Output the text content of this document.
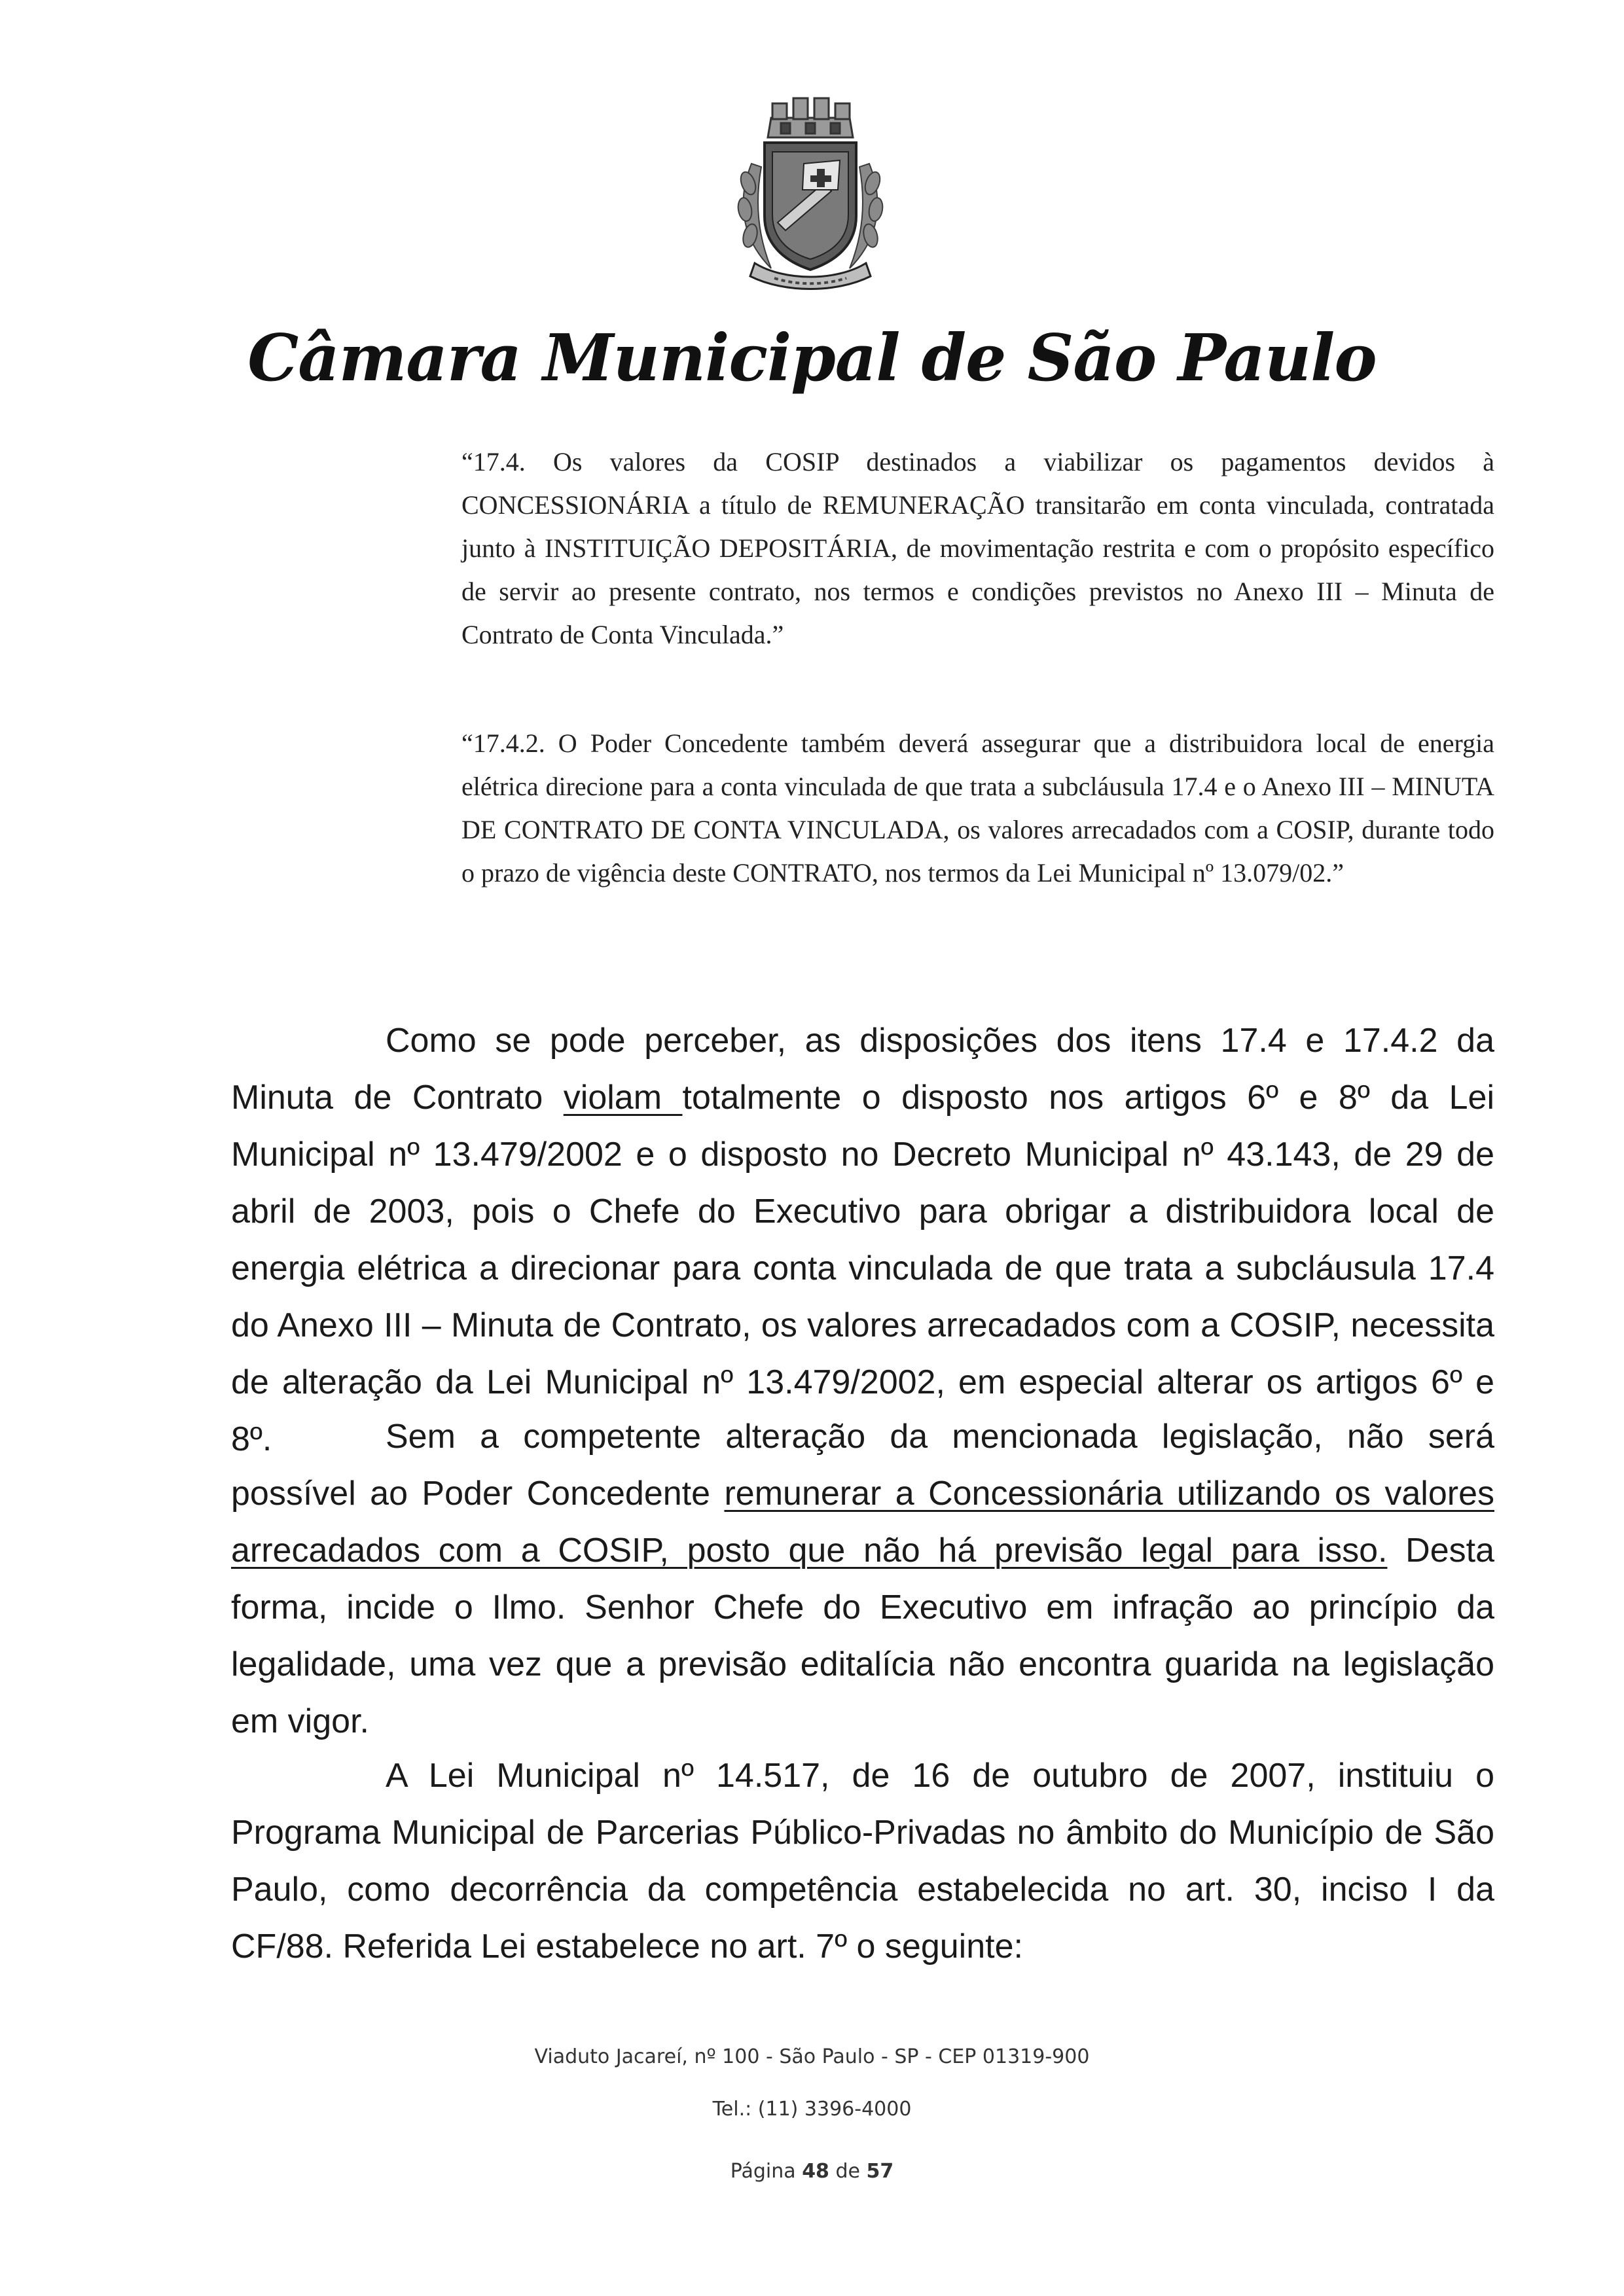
Câmara Municipal de São Paulo
“17.4. Os valores da COSIP destinados a viabilizar os pagamentos devidos à CONCESSIONÁRIA a título de REMUNERAÇÃO transitarão em conta vinculada, contratada junto à INSTITUIÇÃO DEPOSITÁRIA, de movimentação restrita e com o propósito específico de servir ao presente contrato, nos termos e condições previstos no Anexo III – Minuta de Contrato de Conta Vinculada.”
“17.4.2. O Poder Concedente também deverá assegurar que a distribuidora local de energia elétrica direcione para a conta vinculada de que trata a subcláusula 17.4 e o Anexo III – MINUTA DE CONTRATO DE CONTA VINCULADA, os valores arrecadados com a COSIP, durante todo o prazo de vigência deste CONTRATO, nos termos da Lei Municipal nº 13.079/02.”
Como se pode perceber, as disposições dos itens 17.4 e 17.4.2 da Minuta de Contrato violam totalmente o disposto nos artigos 6º e 8º da Lei Municipal nº 13.479/2002 e o disposto no Decreto Municipal nº 43.143, de 29 de abril de 2003, pois o Chefe do Executivo para obrigar a distribuidora local de energia elétrica a direcionar para conta vinculada de que trata a subcláusula 17.4 do Anexo III – Minuta de Contrato, os valores arrecadados com a COSIP, necessita de alteração da Lei Municipal nº 13.479/2002, em especial alterar os artigos 6º e 8º.	Sem a competente alteração da mencionada legislação, não será possível ao Poder Concedente remunerar a Concessionária utilizando os valores arrecadados com a COSIP, posto que não há previsão legal para isso. Desta forma, incide o Ilmo. Senhor Chefe do Executivo em infração ao princípio da legalidade, uma vez que a previsão editalícia não encontra guarida na legislação em vigor.
A Lei Municipal nº 14.517, de 16 de outubro de 2007, instituiu o Programa Municipal de Parcerias Público-Privadas no âmbito do Município de São Paulo, como decorrência da competência estabelecida no art. 30, inciso I da CF/88. Referida Lei estabelece no art. 7º o seguinte:
Viaduto Jacareí, nº 100 - São Paulo - SP - CEP 01319-900
Tel.: (11) 3396-4000
Página 48 de 57
